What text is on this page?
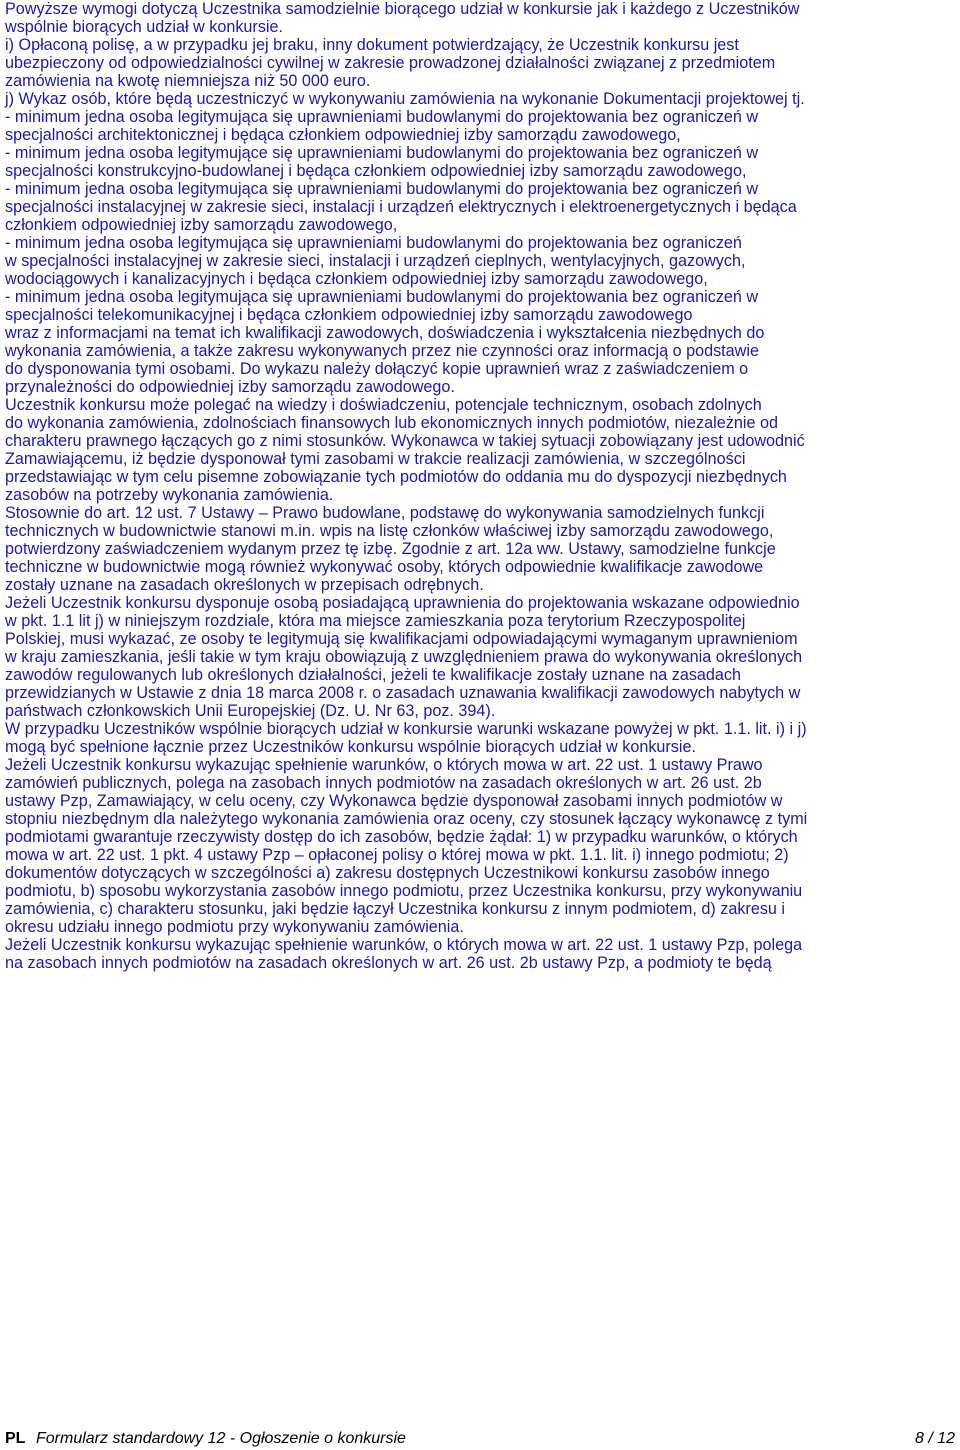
Powyższe wymogi dotyczą Uczestnika samodzielnie biorącego udział w konkursie jak i każdego z Uczestników
wspólnie biorących udział w konkursie.
i) Opłaconą polisę, a w przypadku jej braku, inny dokument potwierdzający, że Uczestnik konkursu jest
ubezpieczony od odpowiedzialności cywilnej w zakresie prowadzonej działalności związanej z przedmiotem
zamówienia na kwotę niemniejsza niż 50 000 euro.
j) Wykaz osób, które będą uczestniczyć w wykonywaniu zamówienia na wykonanie Dokumentacji projektowej tj.
- minimum jedna osoba legitymująca się uprawnieniami budowlanymi do projektowania bez ograniczeń w
specjalności architektonicznej i będąca członkiem odpowiedniej izby samorządu zawodowego,
- minimum jedna osoba legitymujące się uprawnieniami budowlanymi do projektowania bez ograniczeń w
specjalności konstrukcyjno-budowlanej i będąca członkiem odpowiedniej izby samorządu zawodowego,
- minimum jedna osoba legitymująca się uprawnieniami budowlanymi do projektowania bez ograniczeń w
specjalności instalacyjnej w zakresie sieci, instalacji i urządzeń elektrycznych i elektroenergetycznych i będąca
członkiem odpowiedniej izby samorządu zawodowego,
- minimum jedna osoba legitymująca się uprawnieniami budowlanymi do projektowania bez ograniczeń
w specjalności instalacyjnej w zakresie sieci, instalacji i urządzeń cieplnych, wentylacyjnych, gazowych,
wodociągowych i kanalizacyjnych i będąca członkiem odpowiedniej izby samorządu zawodowego,
- minimum jedna osoba legitymująca się uprawnieniami budowlanymi do projektowania bez ograniczeń w
specjalności telekomunikacyjnej i będąca członkiem odpowiedniej izby samorządu zawodowego
wraz z informacjami na temat ich kwalifikacji zawodowych, doświadczenia i wykształcenia niezbędnych do
wykonania zamówienia, a także zakresu wykonywanych przez nie czynności oraz informacją o podstawie
do dysponowania tymi osobami. Do wykazu należy dołączyć kopie uprawnień wraz z zaświadczeniem o
przynależności do odpowiedniej izby samorządu zawodowego.
Uczestnik konkursu może polegać na wiedzy i doświadczeniu, potencjale technicznym, osobach zdolnych
do wykonania zamówienia, zdolnościach finansowych lub ekonomicznych innych podmiotów, niezależnie od
charakteru prawnego łączących go z nimi stosunków. Wykonawca w takiej sytuacji zobowiązany jest udowodnić
Zamawiającemu, iż będzie dysponował tymi zasobami w trakcie realizacji zamówienia, w szczególności
przedstawiając w tym celu pisemne zobowiązanie tych podmiotów do oddania mu do dyspozycji niezbędnych
zasobów na potrzeby wykonania zamówienia.
Stosownie do art. 12 ust. 7 Ustawy – Prawo budowlane, podstawę do wykonywania samodzielnych funkcji
technicznych w budownictwie stanowi m.in. wpis na listę członków właściwej izby samorządu zawodowego,
potwierdzony zaświadczeniem wydanym przez tę izbę. Zgodnie z art. 12a ww. Ustawy, samodzielne funkcje
techniczne w budownictwie mogą również wykonywać osoby, których odpowiednie kwalifikacje zawodowe
zostały uznane na zasadach określonych w przepisach odrębnych.
Jeżeli Uczestnik konkursu dysponuje osobą posiadającą uprawnienia do projektowania wskazane odpowiednio
w pkt. 1.1 lit j) w niniejszym rozdziale, która ma miejsce zamieszkania poza terytorium Rzeczypospolitej
Polskiej, musi wykazać, ze osoby te legitymują się kwalifikacjami odpowiadającymi wymaganym uprawnieniom
w kraju zamieszkania, jeśli takie w tym kraju obowiązują z uwzględnieniem prawa do wykonywania określonych
zawodów regulowanych lub określonych działalności, jeżeli te kwalifikacje zostały uznane na zasadach
przewidzianych w Ustawie z dnia 18 marca 2008 r. o zasadach uznawania kwalifikacji zawodowych nabytych w
państwach członkowskich Unii Europejskiej (Dz. U. Nr 63, poz. 394).
W przypadku Uczestników wspólnie biorących udział w konkursie warunki wskazane powyżej w pkt. 1.1. lit. i) i j)
mogą być spełnione łącznie przez Uczestników konkursu wspólnie biorących udział w konkursie.
Jeżeli Uczestnik konkursu wykazując spełnienie warunków, o których mowa w art. 22 ust. 1 ustawy Prawo
zamówień publicznych, polega na zasobach innych podmiotów na zasadach określonych w art. 26 ust. 2b
ustawy Pzp, Zamawiający, w celu oceny, czy Wykonawca będzie dysponował zasobami innych podmiotów w
stopniu niezbędnym dla należytego wykonania zamówienia oraz oceny, czy stosunek łączący wykonawcę z tymi
podmiotami gwarantuje rzeczywisty dostęp do ich zasobów, będzie żądał: 1) w przypadku warunków, o których
mowa w art. 22 ust. 1 pkt. 4 ustawy Pzp – opłaconej polisy o której mowa w pkt. 1.1. lit. i) innego podmiotu; 2)
dokumentów dotyczących w szczególności a) zakresu dostępnych Uczestnikowi konkursu zasobów innego
podmiotu, b) sposobu wykorzystania zasobów innego podmiotu, przez Uczestnika konkursu, przy wykonywaniu
zamówienia, c) charakteru stosunku, jaki będzie łączył Uczestnika konkursu z innym podmiotem, d) zakresu i
okresu udziału innego podmiotu przy wykonywaniu zamówienia.
Jeżeli Uczestnik konkursu wykazując spełnienie warunków, o których mowa w art. 22 ust. 1 ustawy Pzp, polega
na zasobach innych podmiotów na zasadach określonych w art. 26 ust. 2b ustawy Pzp, a podmioty te będą
PL Formularz standardowy 12 - Ogłoszenie o konkursie	8 / 12
